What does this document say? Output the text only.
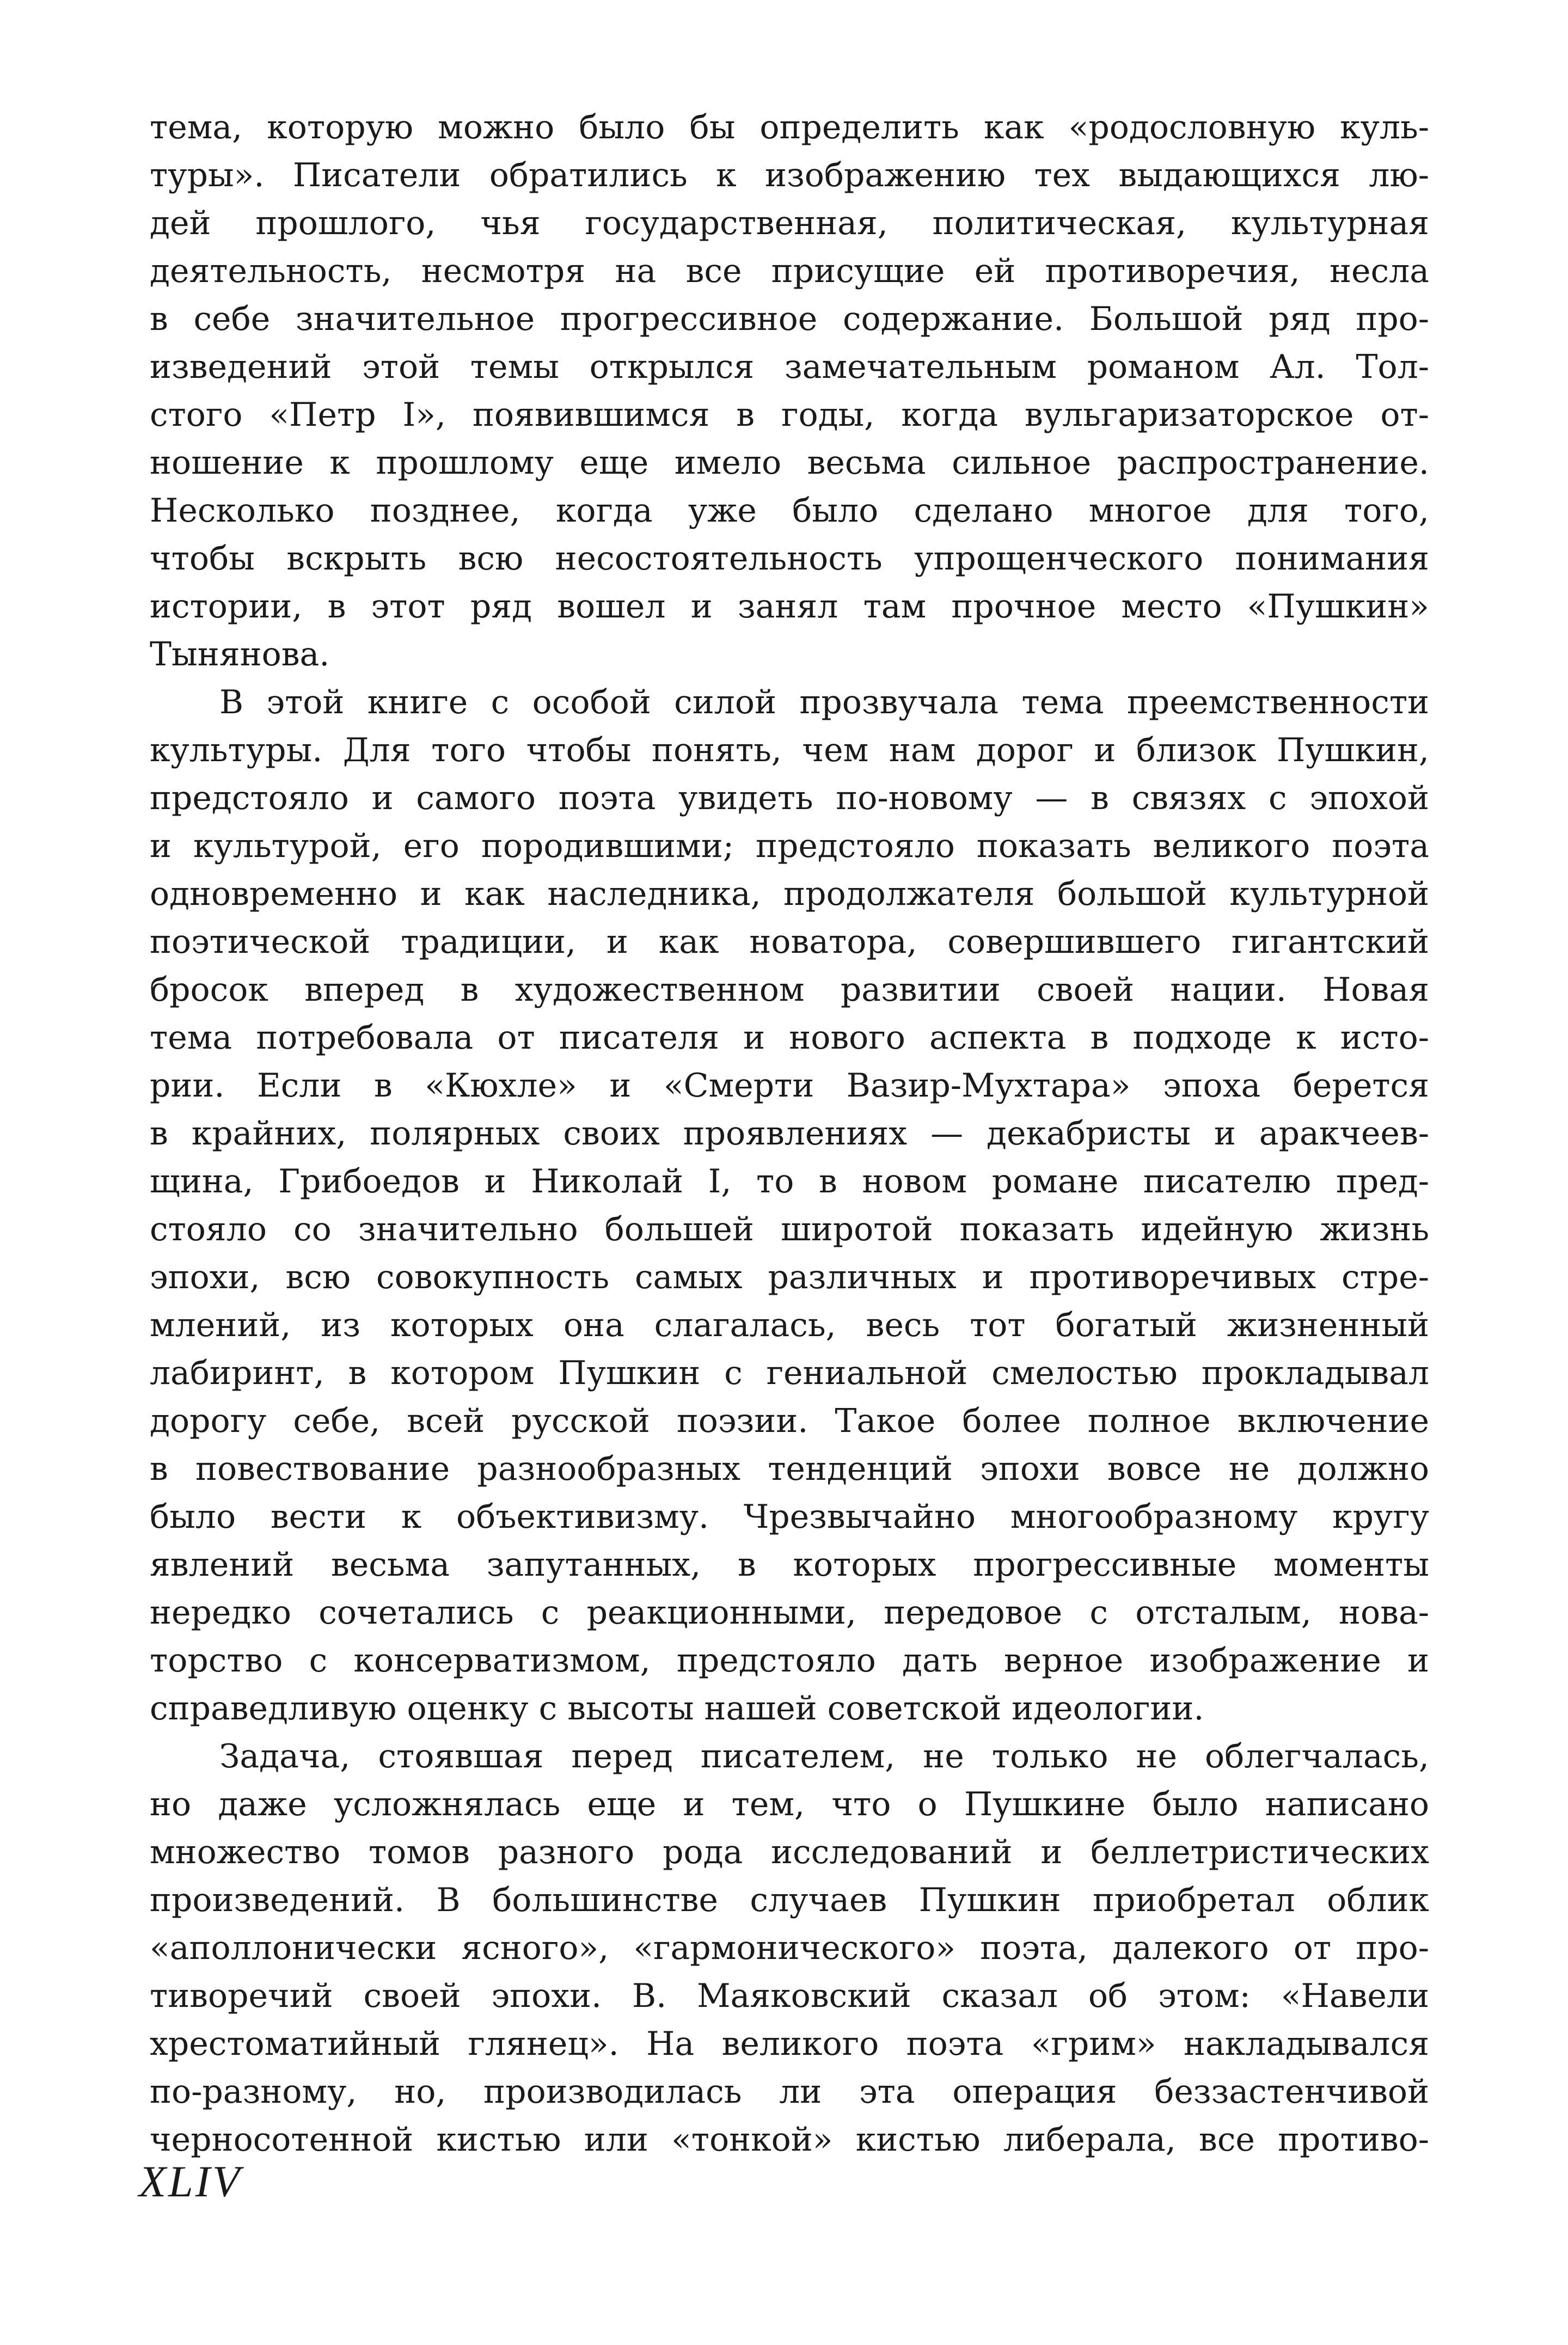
тема, которую можно было бы определить как «родословную куль-
туры». Писатели обратились к изображению тех выдающихся лю-
дей прошлого, чья государственная, политическая, культурная
деятельность, несмотря на все присущие ей противоречия, несла
в себе значительное прогрессивное содержание. Большой ряд про-
изведений этой темы открылся замечательным романом Ал. Тол-
стого «Петр I», появившимся в годы, когда вульгаризаторское от-
ношение к прошлому еще имело весьма сильное распространение.
Несколько позднее, когда уже было сделано многое для того,
чтобы вскрыть всю несостоятельность упрощенческого понимания
истории, в этот ряд вошел и занял там прочное место «Пушкин»
Тынянова.
В этой книге с особой силой прозвучала тема преемственности
культуры. Для того чтобы понять, чем нам дорог и близок Пушкин,
предстояло и самого поэта увидеть по-новому — в связях с эпохой
и культурой, его породившими; предстояло показать великого поэта
одновременно и как наследника, продолжателя большой культурной
поэтической традиции, и как новатора, совершившего гигантский
бросок вперед в художественном развитии своей нации. Новая
тема потребовала от писателя и нового аспекта в подходе к исто-
рии. Если в «Кюхле» и «Смерти Вазир-Мухтара» эпоха берется
в крайних, полярных своих проявлениях — декабристы и аракчеев-
щина, Грибоедов и Николай I, то в новом романе писателю пред-
стояло со значительно большей широтой показать идейную жизнь
эпохи, всю совокупность самых различных и противоречивых стре-
млений, из которых она слагалась, весь тот богатый жизненный
лабиринт, в котором Пушкин с гениальной смелостью прокладывал
дорогу себе, всей русской поэзии. Такое более полное включение
в повествование разнообразных тенденций эпохи вовсе не должно
было вести к объективизму. Чрезвычайно многообразному кругу
явлений весьма запутанных, в которых прогрессивные моменты
нередко сочетались с реакционными, передовое с отсталым, нова-
торство с консерватизмом, предстояло дать верное изображение и
справедливую оценку с высоты нашей советской идеологии.
Задача, стоявшая перед писателем, не только не облегчалась,
но даже усложнялась еще и тем, что о Пушкине было написано
множество томов разного рода исследований и беллетристических
произведений. В большинстве случаев Пушкин приобретал облик
«аполлонически ясного», «гармонического» поэта, далекого от про-
тиворечий своей эпохи. В. Маяковский сказал об этом: «Навели
хрестоматийный глянец». На великого поэта «грим» накладывался
по-разному, но, производилась ли эта операция беззастенчивой
черносотенной кистью или «тонкой» кистью либерала, все противо-
XLIV
